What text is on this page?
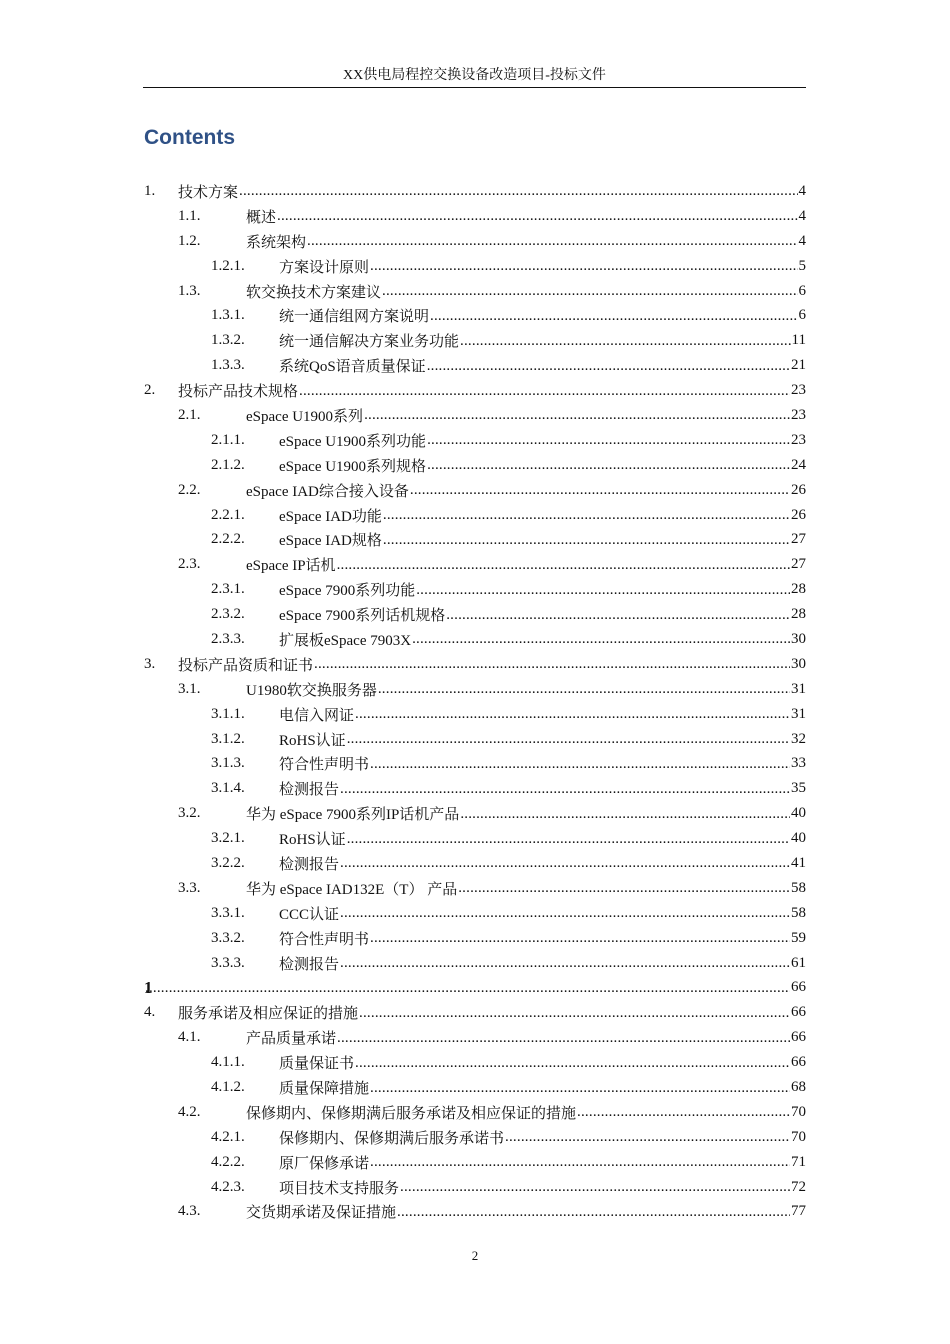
XX供电局程控交换设备改造项目-投标文件
Contents
1.	技术方案 .....	4
1.1.	概述 .....	4
1.2.	系统架构 .....	4
1.2.1.	方案设计原则 .....	5
1.3.	软交换技术方案建议 .....	6
1.3.1.	统一通信组网方案说明 .....	6
1.3.2.	统一通信解决方案业务功能 .....	11
1.3.3.	系统QoS语音质量保证 .....	21
2.	投标产品技术规格 .....	23
2.1.	eSpace U1900系列 .....	23
2.1.1.	eSpace U1900系列功能 .....	23
2.1.2.	eSpace U1900系列规格 .....	24
2.2.	eSpace IAD综合接入设备 .....	26
2.2.1.	eSpace IAD功能 .....	26
2.2.2.	eSpace IAD规格 .....	27
2.3.	eSpace IP话机 .....	27
2.3.1.	eSpace 7900系列功能 .....	28
2.3.2.	eSpace 7900系列话机规格 .....	28
2.3.3.	扩展板eSpace 7903X .....	30
3.	投标产品资质和证书 .....	30
3.1.	U1980软交换服务器 .....	31
3.1.1.	电信入网证 .....	31
3.1.2.	RoHS认证 .....	32
3.1.3.	符合性声明书 .....	33
3.1.4.	检测报告 .....	35
3.2.	华为 eSpace 7900系列IP话机产品 .....	40
3.2.1.	RoHS认证 .....	40
3.2.2.	检测报告 .....	41
3.3.	华为 eSpace IAD132E（T） 产品 .....	58
3.3.1.	CCC认证 .....	58
3.3.2.	符合性声明书 .....	59
3.3.3.	检测报告 .....	61
1 .....	66
4.	服务承诺及相应保证的措施 .....	66
4.1.	产品质量承诺 .....	66
4.1.1.	质量保证书 .....	66
4.1.2.	质量保障措施 .....	68
4.2.	保修期内、保修期满后服务承诺及相应保证的措施 .....	70
4.2.1.	保修期内、保修期满后服务承诺书 .....	70
4.2.2.	原厂保修承诺 .....	71
4.2.3.	项目技术支持服务 .....	72
4.3.	交货期承诺及保证措施 .....	77
2
